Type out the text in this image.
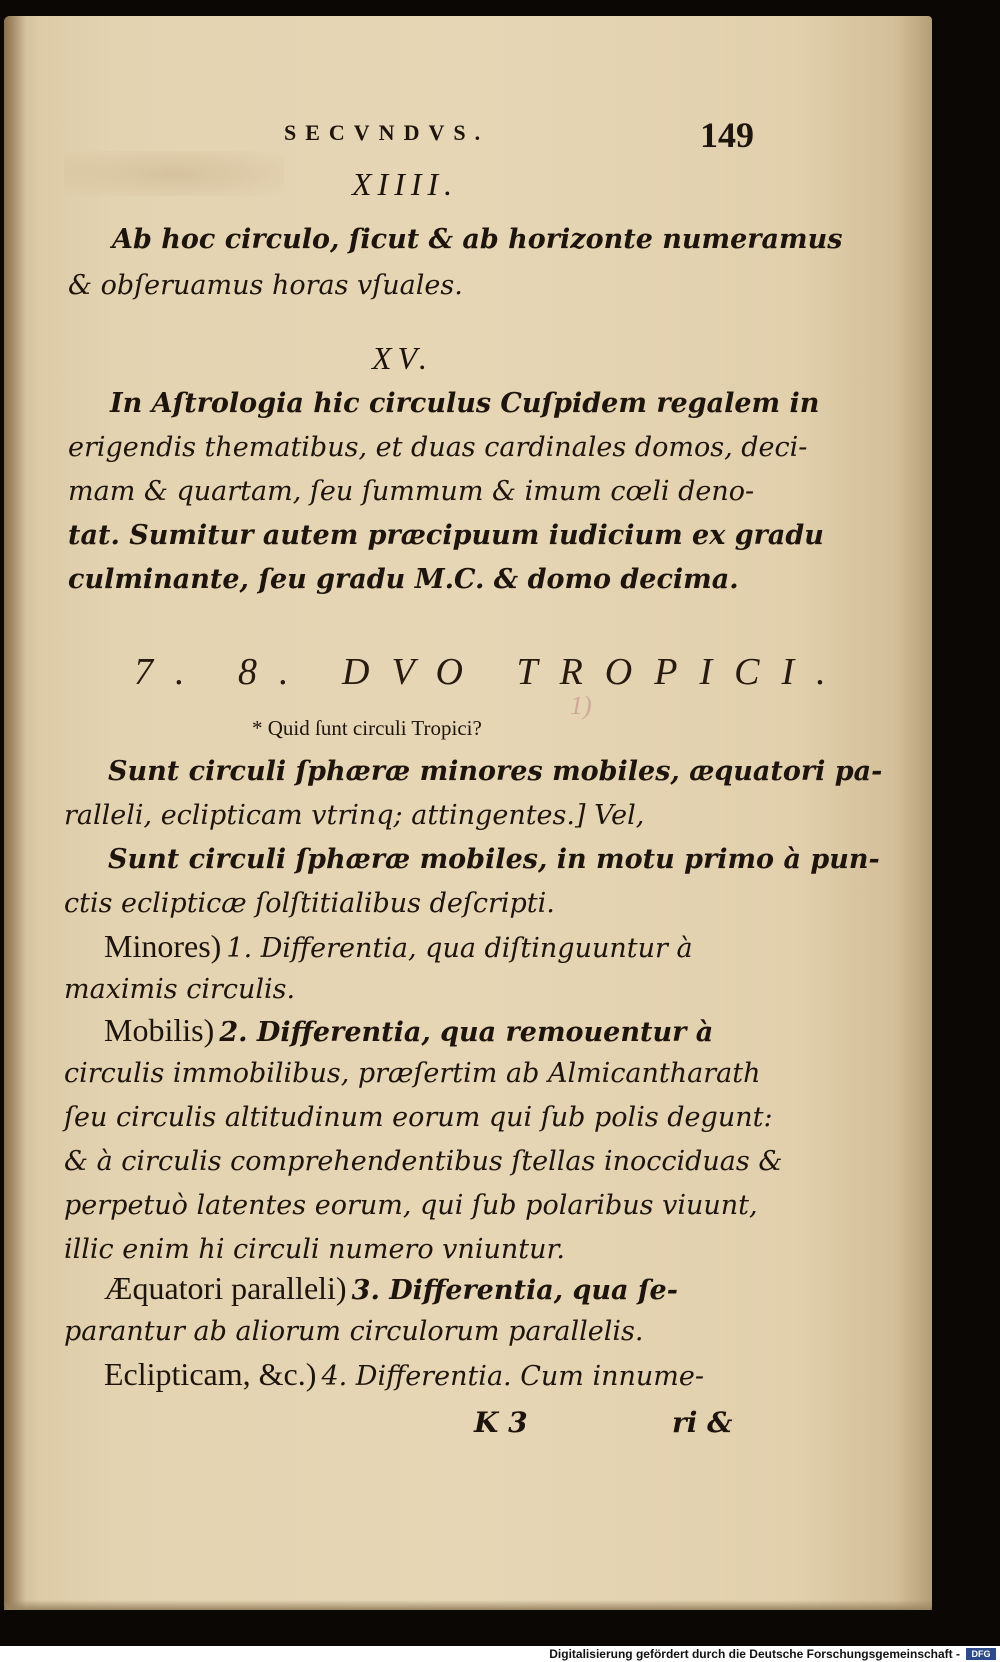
SECVNDVS.	149
XIIII.
Ab hoc circulo, ſicut & ab horizonte numeramus
& obſeruamus horas vſuales.
XV.
In Aſtrologia hic circulus Cuſpidem regalem in
erigendis thematibus, et duas cardinales domos, deci-
mam & quartam, ſeu ſummum & imum cœli deno-
tat. Sumitur autem præcipuum iudicium ex gradu
culminante, ſeu gradu M.C. & domo decima.
7. 8. DVO TROPICI.
* Quid ſunt circuli Tropici?
1)
Sunt circuli ſphæræ minores mobiles, æquatori pa-
ralleli, eclipticam vtrinq; attingentes.] Vel,
Sunt circuli ſphæræ mobiles, in motu primo à pun-
ctis eclipticæ ſolſtitialibus deſcripti.
Minores) 1. Differentia, qua diſtinguuntur à
maximis circulis.
Mobilis) 2. Differentia, qua remouentur à
circulis immobilibus, præſertim ab Almicantharath
ſeu circulis altitudinum eorum qui ſub polis degunt:
& à circulis comprehendentibus ſtellas inocciduas &
perpetuò latentes eorum, qui ſub polaribus viuunt,
illic enim hi circuli numero vniuntur.
Æquatori paralleli) 3. Differentia, qua ſe-
parantur ab aliorum circulorum parallelis.
Eclipticam, &c.) 4. Differentia. Cum innume-
K 3	ri &
Digitalisierung gefördert durch die Deutsche Forschungsgemeinschaft -	DFG
